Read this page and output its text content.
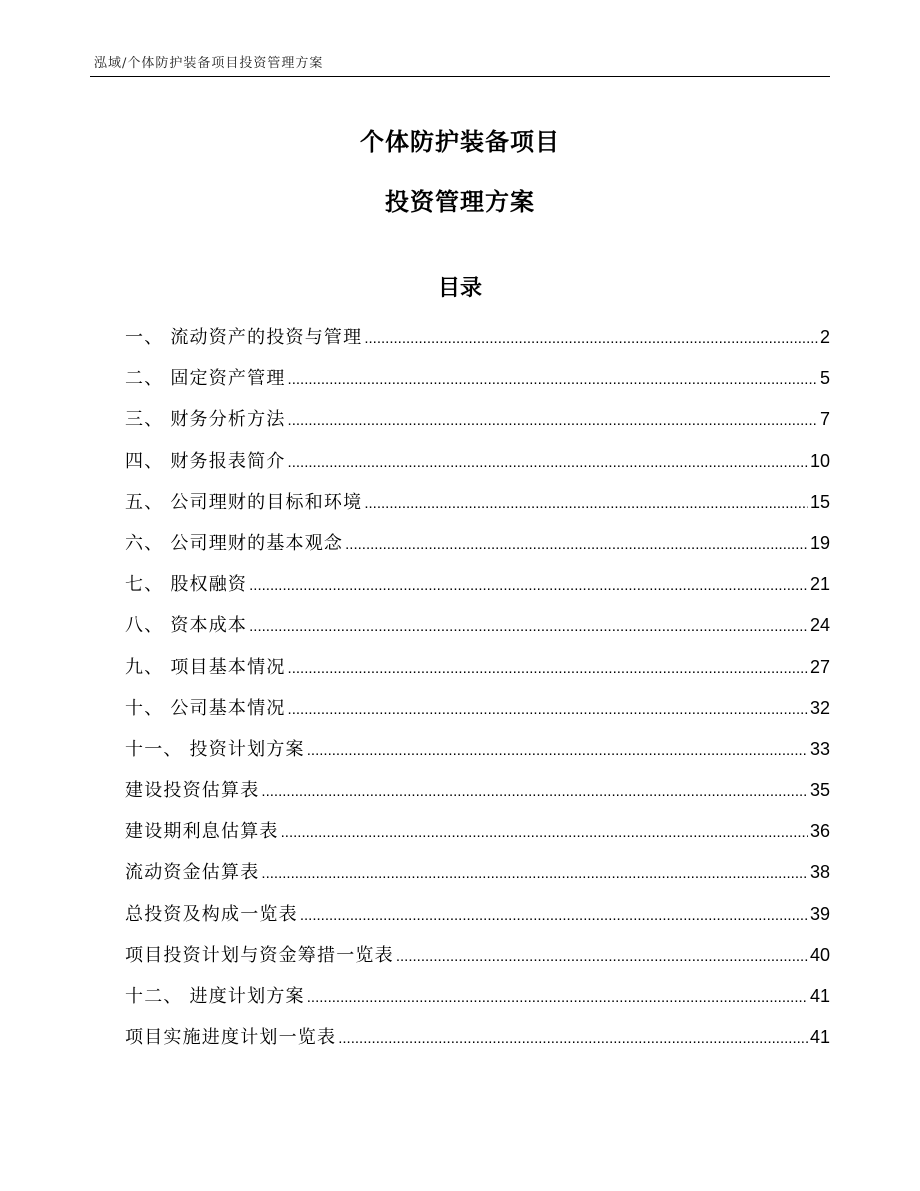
泓域/个体防护装备项目投资管理方案
个体防护装备项目
投资管理方案
目录
一、 流动资产的投资与管理 .....	2
二、 固定资产管理 .....	5
三、 财务分析方法 .....	7
四、 财务报表简介 .....	10
五、 公司理财的目标和环境 .....	15
六、 公司理财的基本观念 .....	19
七、 股权融资 .....	21
八、 资本成本 .....	24
九、 项目基本情况 .....	27
十、 公司基本情况 .....	32
十一、 投资计划方案 .....	33
建设投资估算表 .....	35
建设期利息估算表 .....	36
流动资金估算表 .....	38
总投资及构成一览表 .....	39
项目投资计划与资金筹措一览表 .....	40
十二、 进度计划方案 .....	41
项目实施进度计划一览表 .....	41
